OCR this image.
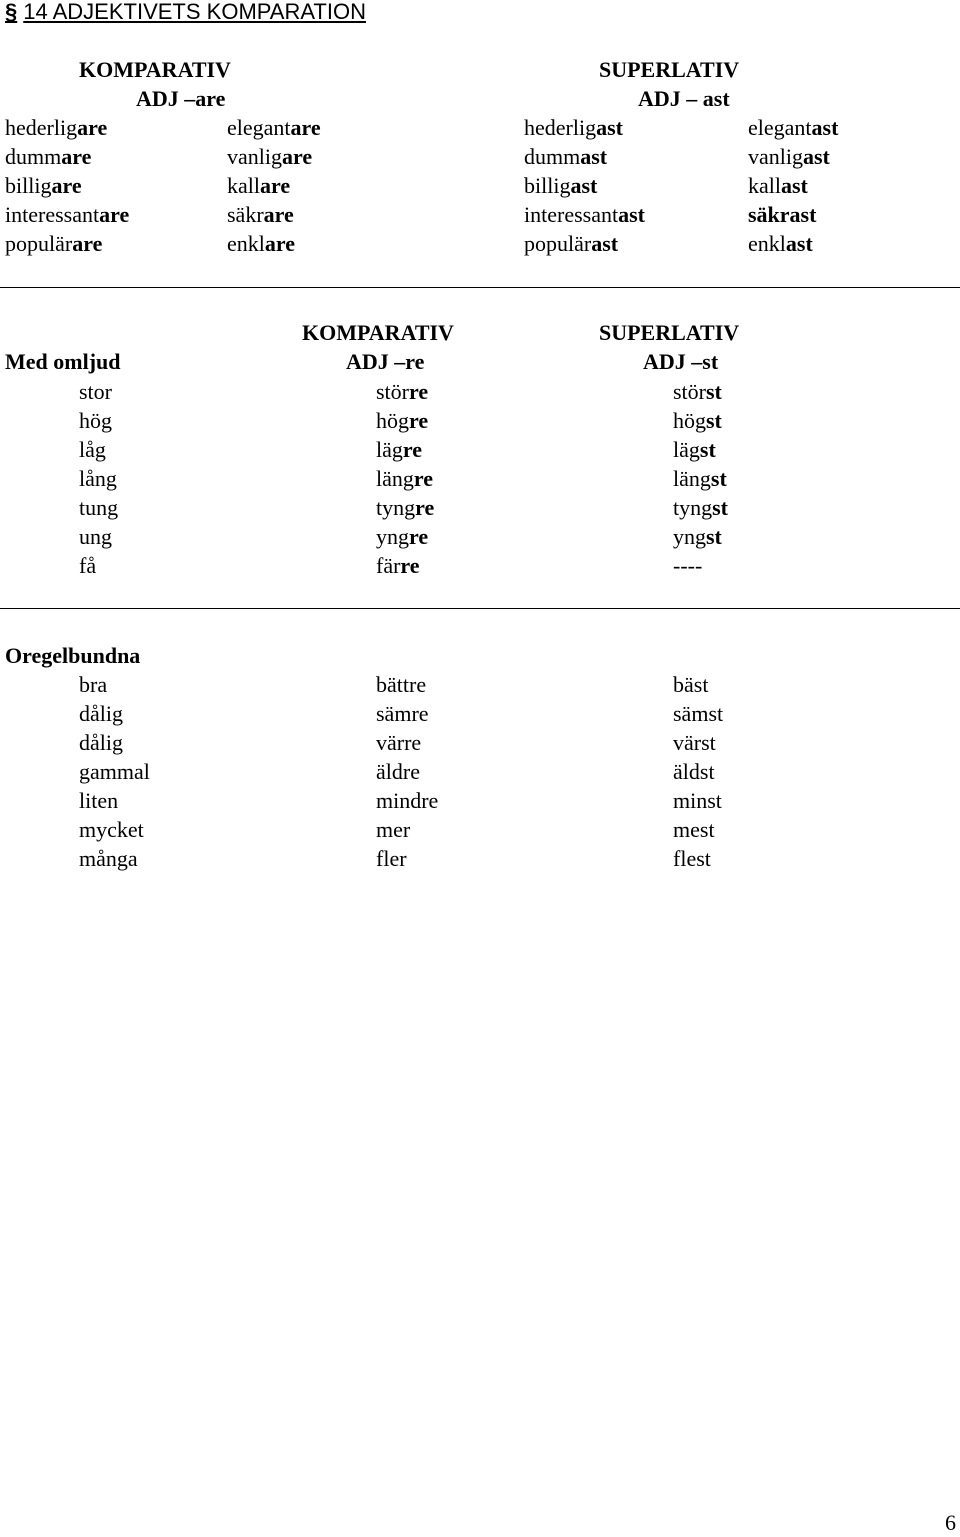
§ 14 ADJEKTIVETS KOMPARATION
KOMPARATIV
ADJ –are
SUPERLATIV
ADJ – ast
hederligare	elegantare	hederligast	elegantast
dummare	vanligare	dummast	vanligast
billigare	kallare	billigast	kallast
interessantare	säkrare	interessantast	säkrast
populärare	enklare	populärast	enklast
KOMPARATIV	SUPERLATIV
Med omljud	ADJ –re	ADJ –st
stor	större	störst
hög	högre	högst
låg	lägre	lägst
lång	längre	längst
tung	tyngre	tyngst
ung	yngre	yngst
få	färre	----
Oregelbundna
bra	bättre	bäst
dålig	sämre	sämst
dålig	värre	värst
gammal	äldre	äldst
liten	mindre	minst
mycket	mer	mest
många	fler	flest
6
